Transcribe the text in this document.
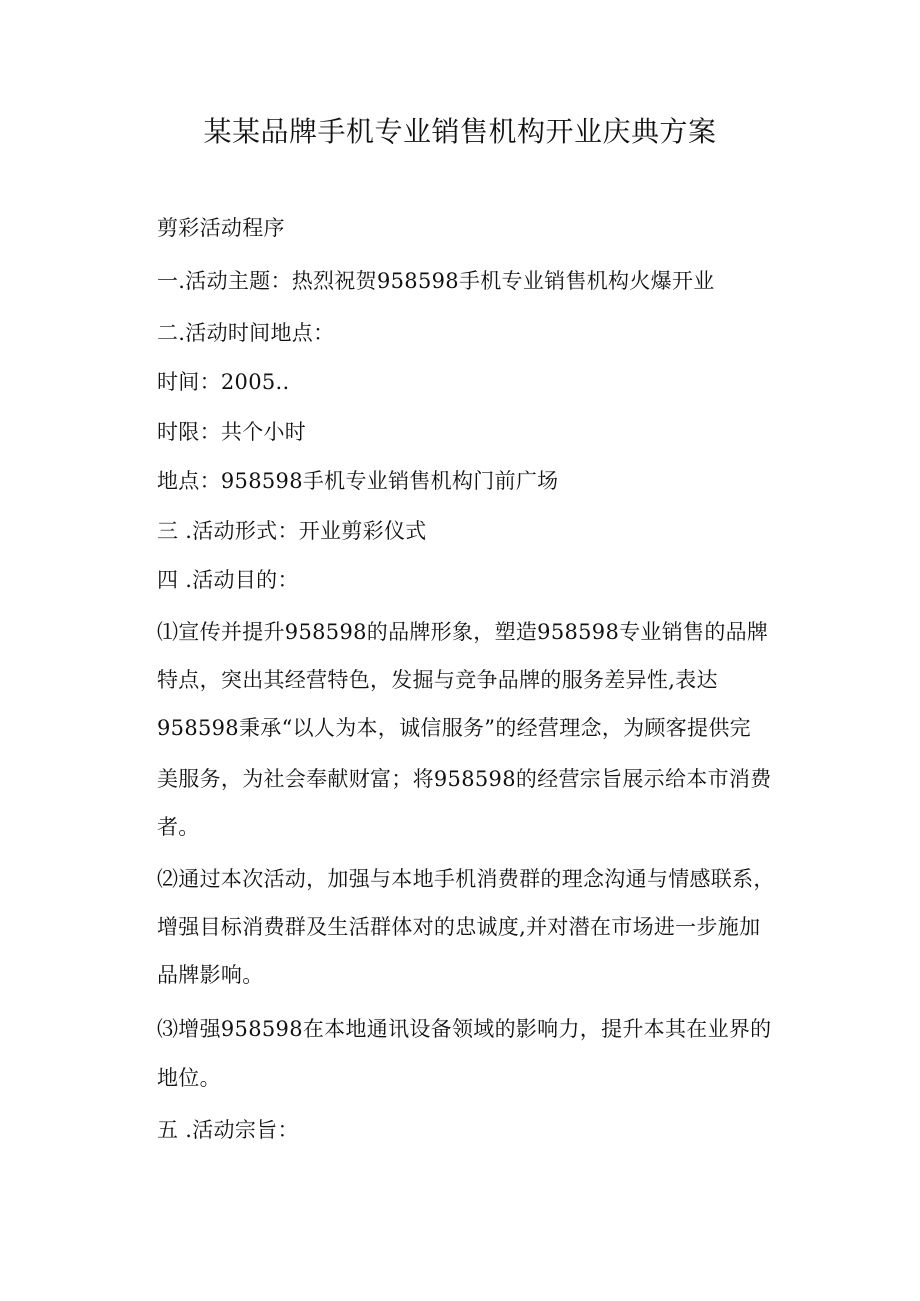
某某品牌手机专业销售机构开业庆典方案

剪彩活动程序

一.活动主题：热烈祝贺958598手机专业销售机构火爆开业

二.活动时间地点：

时间：2005..

时限：共个小时

地点：958598手机专业销售机构门前广场

三 .活动形式：开业剪彩仪式

四 .活动目的：

⑴宣传并提升958598的品牌形象，塑造958598专业销售的品牌

特点，突出其经营特色，发掘与竞争品牌的服务差异性,表达

958598秉承“以人为本，诚信服务”的经营理念，为顾客提供完

美服务，为社会奉献财富；将958598的经营宗旨展示给本市消费

者。

⑵通过本次活动，加强与本地手机消费群的理念沟通与情感联系，

增强目标消费群及生活群体对的忠诚度,并对潜在市场进一步施加

品牌影响。

⑶增强958598在本地通讯设备领域的影响力，提升本其在业界的

地位。

五 .活动宗旨：
